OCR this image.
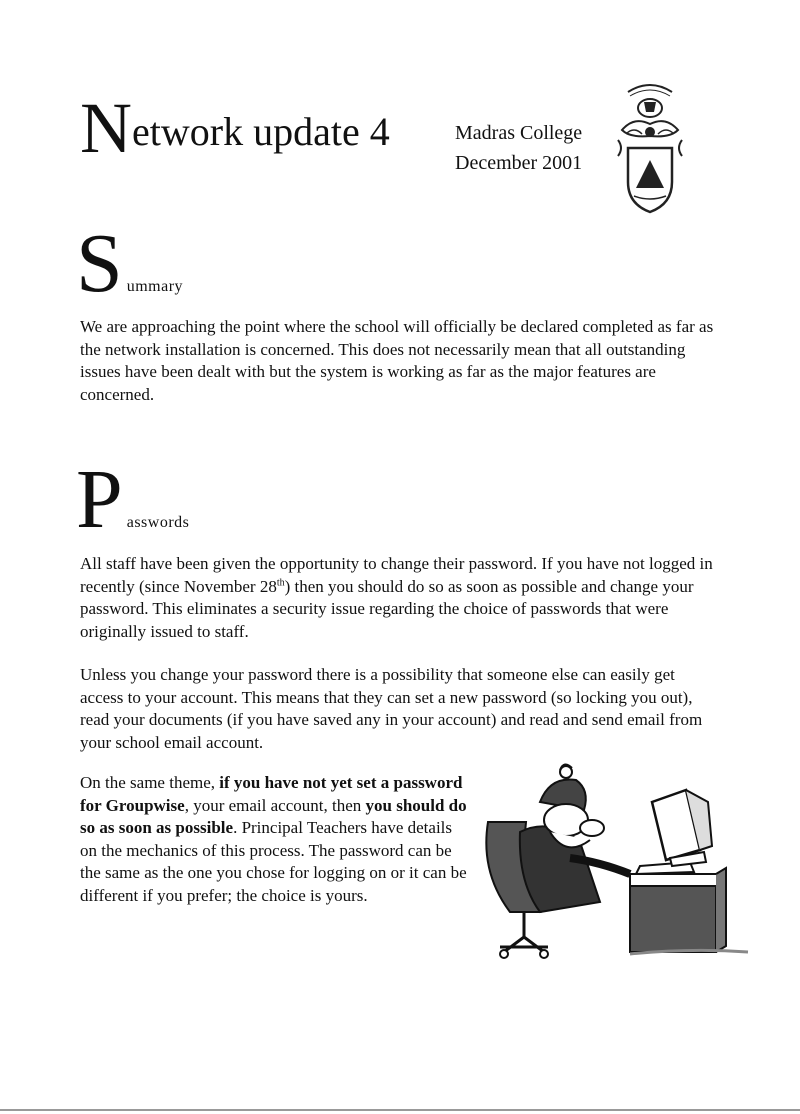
Network update 4	Madras College
December 2001
Summary

We are approaching the point where the school will officially be declared completed as far as the network installation is concerned. This does not necessarily mean that all outstanding issues have been dealt with but the system is working as far as the major features are concerned.

Passwords

All staff have been given the opportunity to change their password. If you have not logged in recently (since November 28th) then you should do so as soon as possible and change your password. This eliminates a security issue regarding the choice of passwords that were originally issued to staff.

Unless you change your password there is a possibility that someone else can easily get access to your account. This means that they can set a new password (so locking you out), read your documents (if you have saved any in your account) and read and send email from your school email account.

On the same theme, if you have not yet set a password for Groupwise, your email account, then you should do so as soon as possible. Principal Teachers have details on the mechanics of this process. The password can be the same as the one you chose for logging on or it can be different if you prefer; the choice is yours.
